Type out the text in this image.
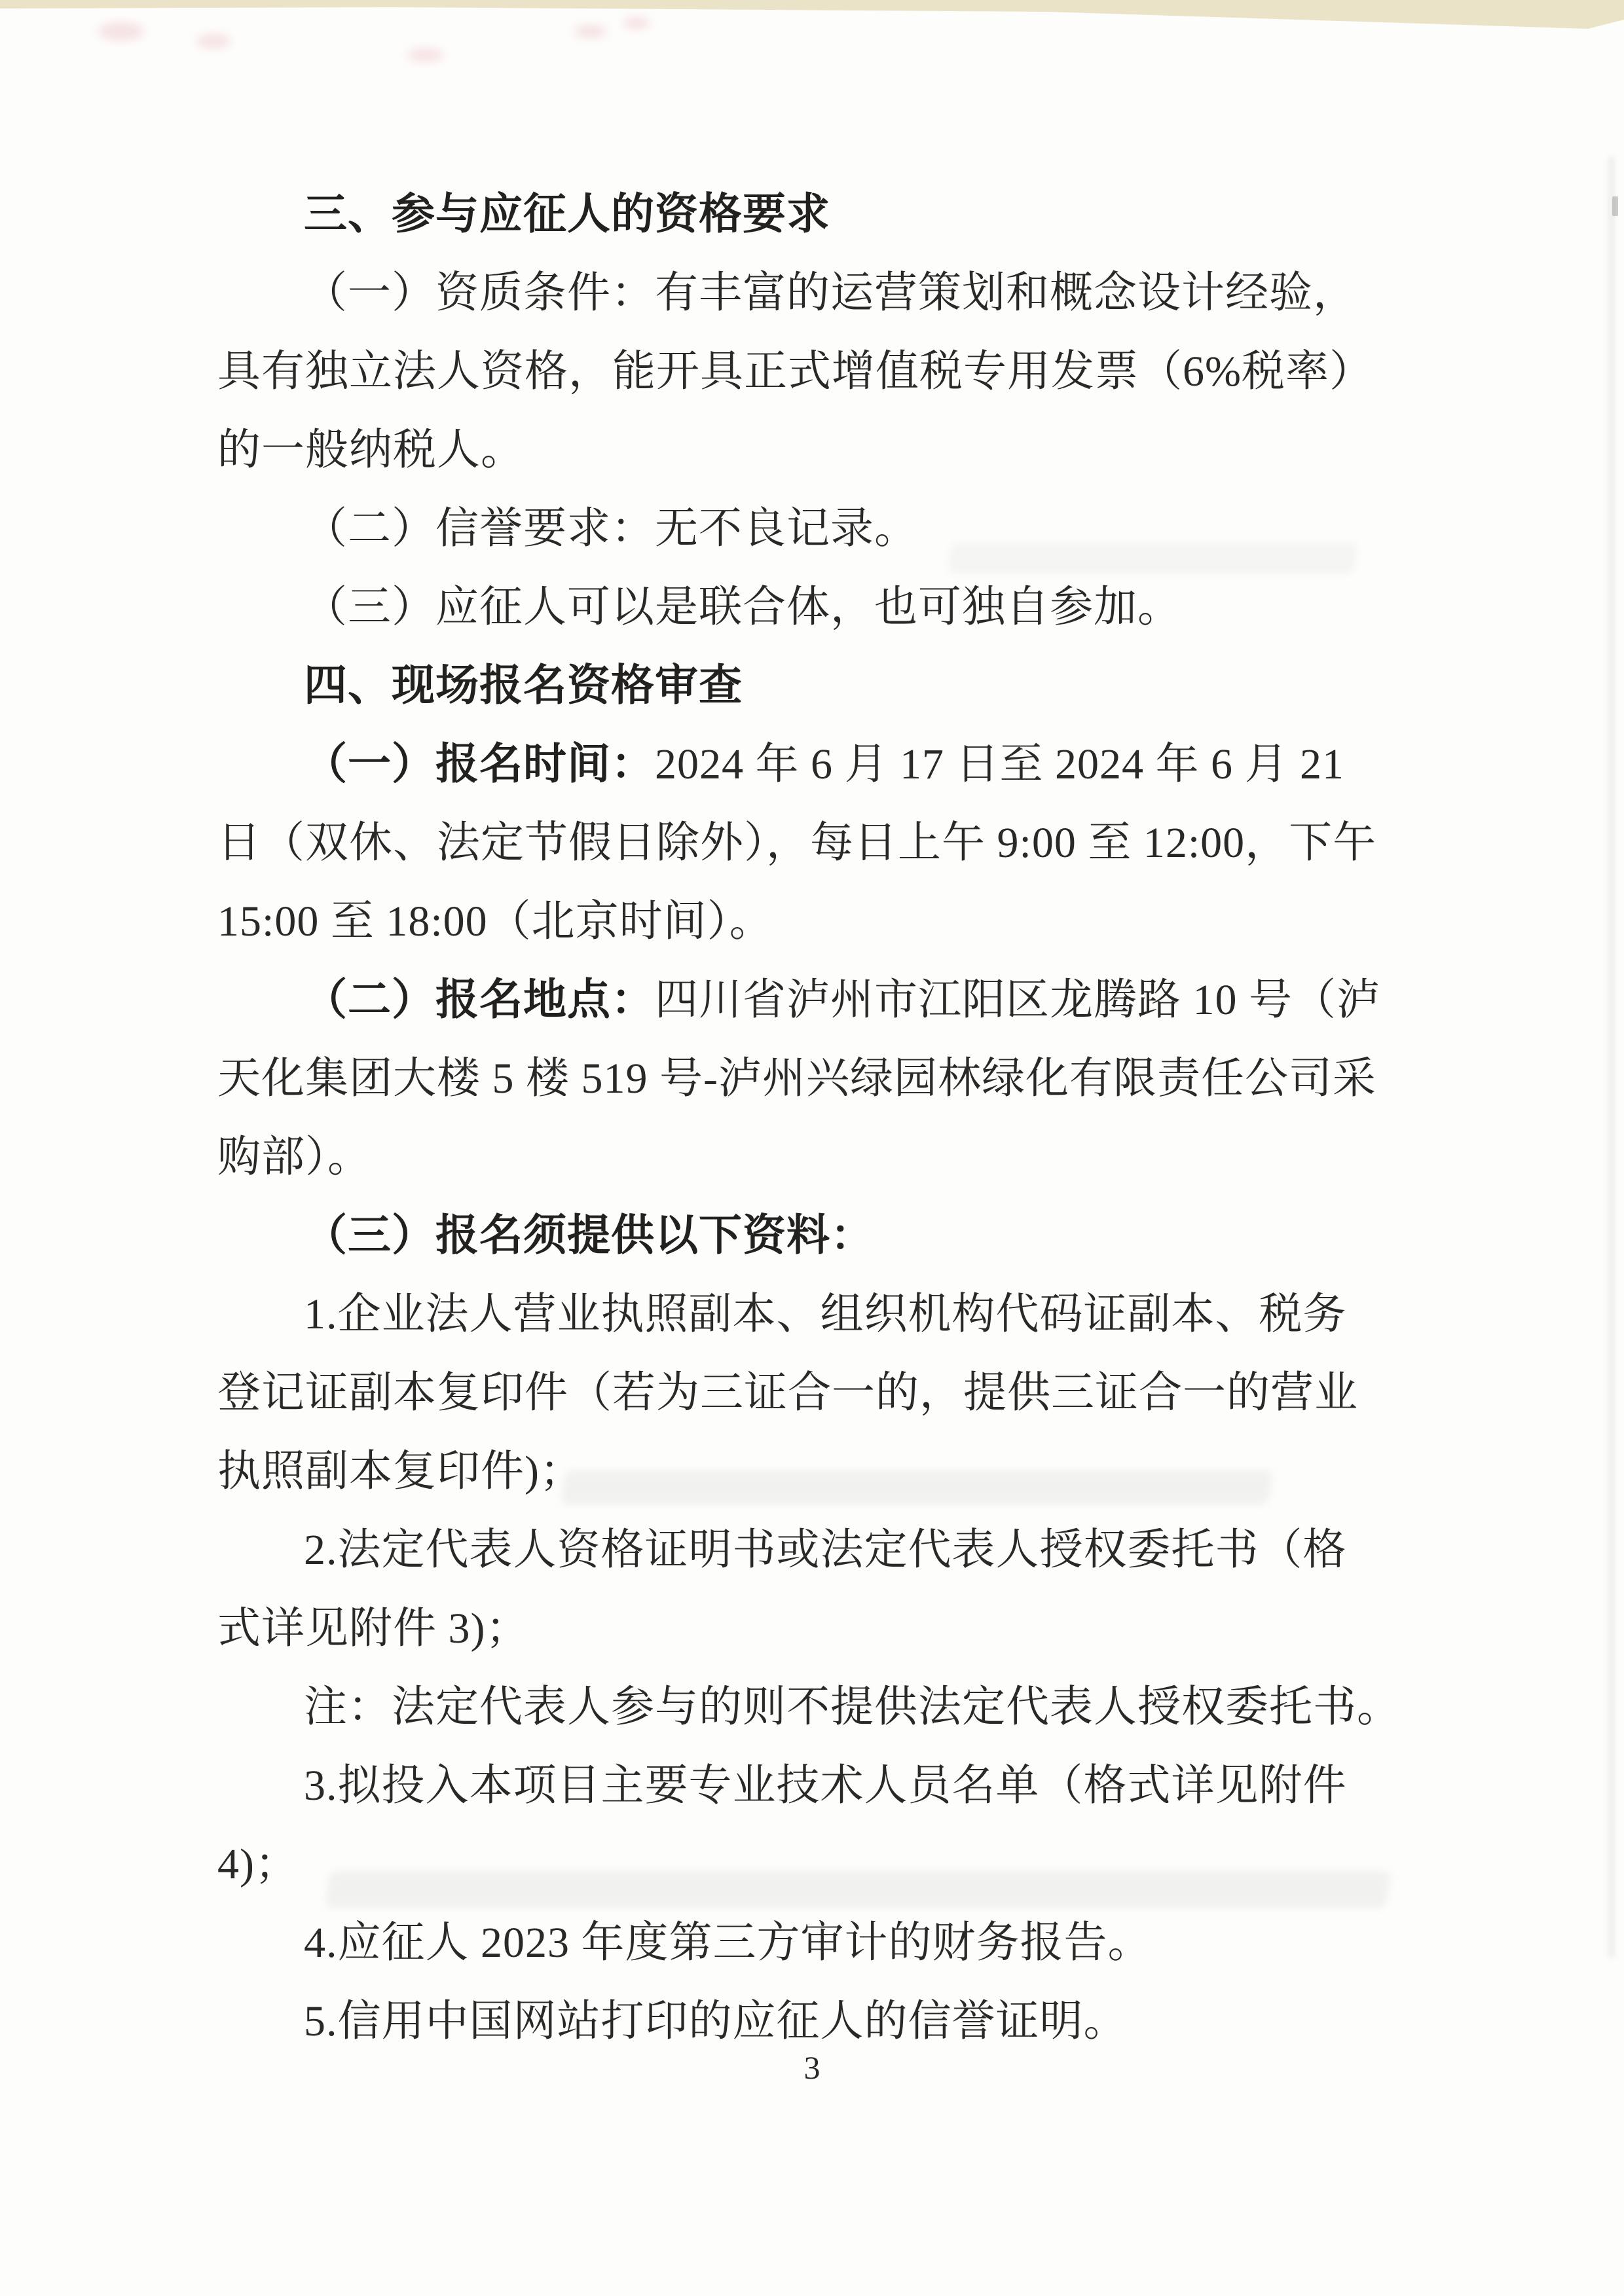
三、参与应征人的资格要求
（一）资质条件：有丰富的运营策划和概念设计经验，
具有独立法人资格，能开具正式增值税专用发票（6%税率）
的一般纳税人。
（二）信誉要求：无不良记录。
（三）应征人可以是联合体，也可独自参加。
四、现场报名资格审查
（一）报名时间：2024 年 6 月 17 日至 2024 年 6 月 21
日（双休、法定节假日除外），每日上午 9:00 至 12:00，下午
15:00 至 18:00（北京时间）。
（二）报名地点：四川省泸州市江阳区龙腾路 10 号（泸
天化集团大楼 5 楼 519 号-泸州兴绿园林绿化有限责任公司采
购部）。
（三）报名须提供以下资料：
1.企业法人营业执照副本、组织机构代码证副本、税务
登记证副本复印件（若为三证合一的，提供三证合一的营业
执照副本复印件)；
2.法定代表人资格证明书或法定代表人授权委托书（格
式详见附件 3)；
注：法定代表人参与的则不提供法定代表人授权委托书。
3.拟投入本项目主要专业技术人员名单（格式详见附件
4)；
4.应征人 2023 年度第三方审计的财务报告。
5.信用中国网站打印的应征人的信誉证明。
3
